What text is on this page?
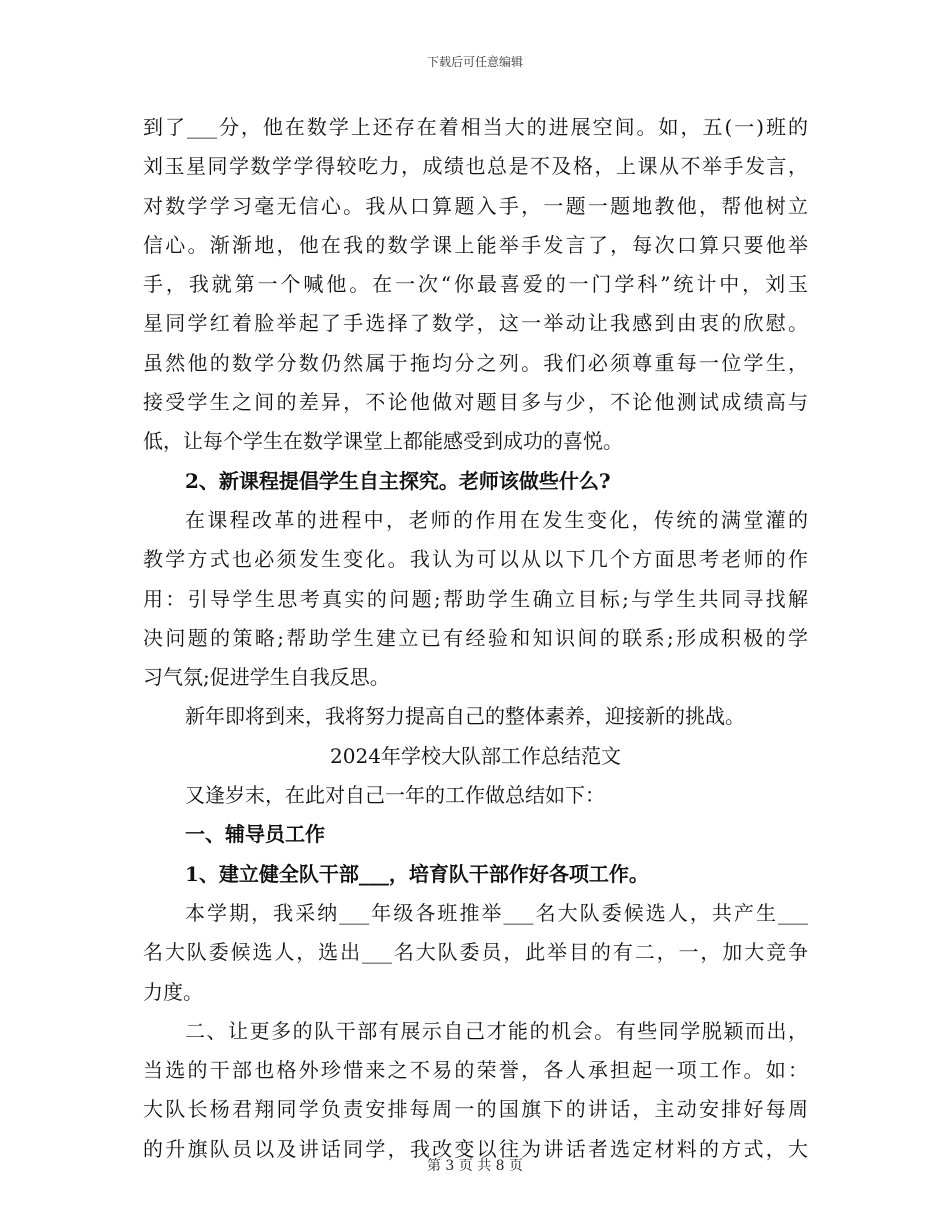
下载后可任意编辑
到了___分，他在数学上还存在着相当大的进展空间。如，五(一)班的
刘玉星同学数学学得较吃力，成绩也总是不及格，上课从不举手发言，
对数学学习毫无信心。我从口算题入手，一题一题地教他，帮他树立
信心。渐渐地，他在我的数学课上能举手发言了，每次口算只要他举
手，我就第一个喊他。在一次“你最喜爱的一门学科”统计中，刘玉
星同学红着脸举起了手选择了数学，这一举动让我感到由衷的欣慰。
虽然他的数学分数仍然属于拖均分之列。我们必须尊重每一位学生，
接受学生之间的差异，不论他做对题目多与少，不论他测试成绩高与
低，让每个学生在数学课堂上都能感受到成功的喜悦。
2、新课程提倡学生自主探究。老师该做些什么?
在课程改革的进程中，老师的作用在发生变化，传统的满堂灌的
教学方式也必须发生变化。我认为可以从以下几个方面思考老师的作
用：引导学生思考真实的问题;帮助学生确立目标;与学生共同寻找解
决问题的策略;帮助学生建立已有经验和知识间的联系;形成积极的学
习气氛;促进学生自我反思。
新年即将到来，我将努力提高自己的整体素养，迎接新的挑战。
2024年学校大队部工作总结范文
又逢岁末，在此对自己一年的工作做总结如下：
一、辅导员工作
1、建立健全队干部___，培育队干部作好各项工作。
本学期，我采纳___年级各班推举___名大队委候选人，共产生___
名大队委候选人，选出___名大队委员，此举目的有二，一，加大竞争
力度。
二、让更多的队干部有展示自己才能的机会。有些同学脱颖而出，
当选的干部也格外珍惜来之不易的荣誉，各人承担起一项工作。如：
大队长杨君翔同学负责安排每周一的国旗下的讲话，主动安排好每周
的升旗队员以及讲话同学，我改变以往为讲话者选定材料的方式，大
第 3 页 共 8 页
